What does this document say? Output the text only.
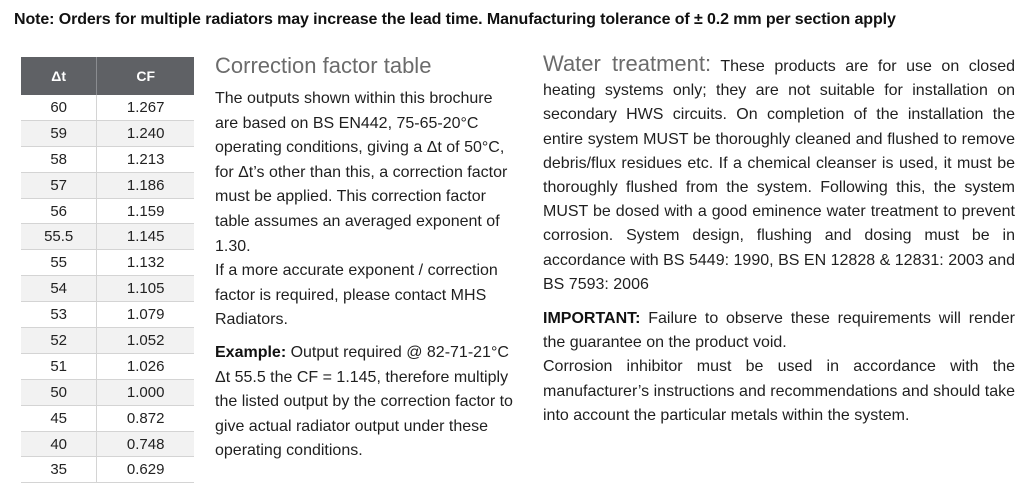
Note: Orders for multiple radiators may increase the lead time. Manufacturing tolerance of ± 0.2 mm per section apply
Δt	CF
60	1.267
59	1.240
58	1.213
57	1.186
56	1.159
55.5	1.145
55	1.132
54	1.105
53	1.079
52	1.052
51	1.026
50	1.000
45	0.872
40	0.748
35	0.629
Correction factor table

The outputs shown within this brochure are based on BS EN442, 75-65-20°C operating conditions, giving a Δt of 50°C, for Δt’s other than this, a correction factor must be applied. This correction factor table assumes an averaged exponent of 1.30.

If a more accurate exponent / correction factor is required, please contact MHS Radiators.

Example: Output required @ 82-71-21°C Δt 55.5 the CF = 1.145, therefore multiply the listed output by the correction factor to give actual radiator output under these operating conditions.

Water treatment: These products are for use on closed heating systems only; they are not suitable for installation on secondary HWS circuits. On completion of the installation the entire system MUST be thoroughly cleaned and flushed to remove debris/flux residues etc. If a chemical cleanser is used, it must be thoroughly flushed from the system. Following this, the system MUST be dosed with a good eminence water treatment to prevent corrosion. System design, flushing and dosing must be in accordance with BS 5449: 1990, BS EN 12828 & 12831: 2003 and BS 7593: 2006

IMPORTANT: Failure to observe these requirements will render the guarantee on the product void.

Corrosion inhibitor must be used in accordance with the manufacturer’s instructions and recommendations and should take into account the particular metals within the system.
